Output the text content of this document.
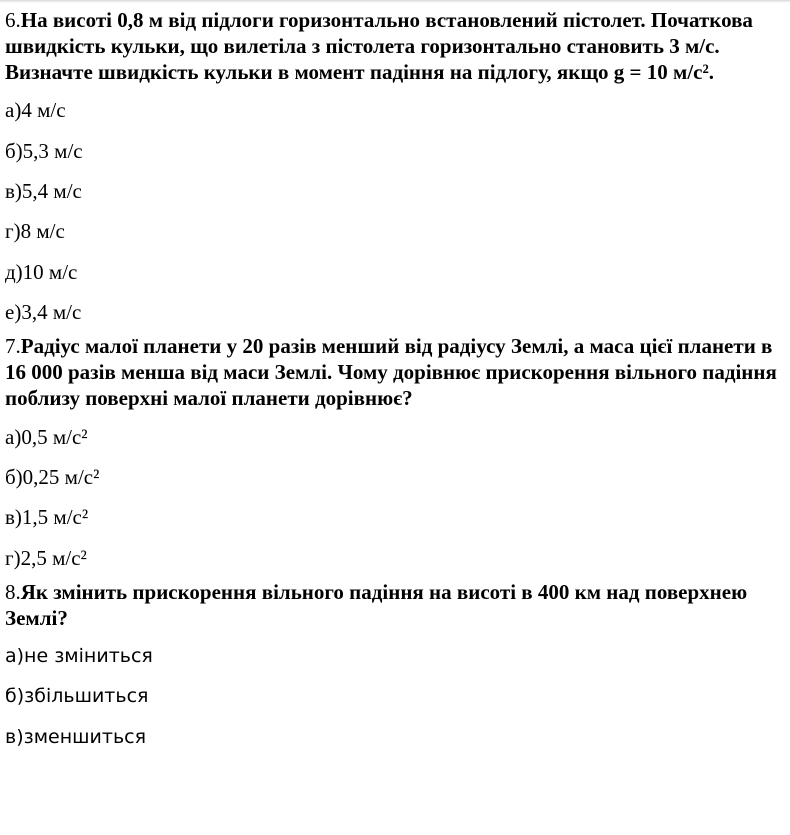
6.На висоті 0,8 м від підлоги горизонтально встановлений пістолет. Початкова швидкість кульки, що вилетіла з пістолета горизонтально становить 3 м/с. Визначте швидкість кульки в момент падіння на підлогу, якщо g = 10 м/с².
а)4 м/с
б)5,3 м/с
в)5,4 м/с
г)8 м/с
д)10 м/с
е)3,4 м/с
7.Радіус малої планети у 20 разів менший від радіусу Землі, а маса цієї планети в 16 000 разів менша від маси Землі. Чому дорівнює прискорення вільного падіння поблизу поверхні малої планети дорівнює?
а)0,5 м/с²
б)0,25 м/с²
в)1,5 м/с²
г)2,5 м/с²
8.Як змінить прискорення вільного падіння на висоті в 400 км над поверхнею Землі?
а)не зміниться
б)збільшиться
в)зменшиться
